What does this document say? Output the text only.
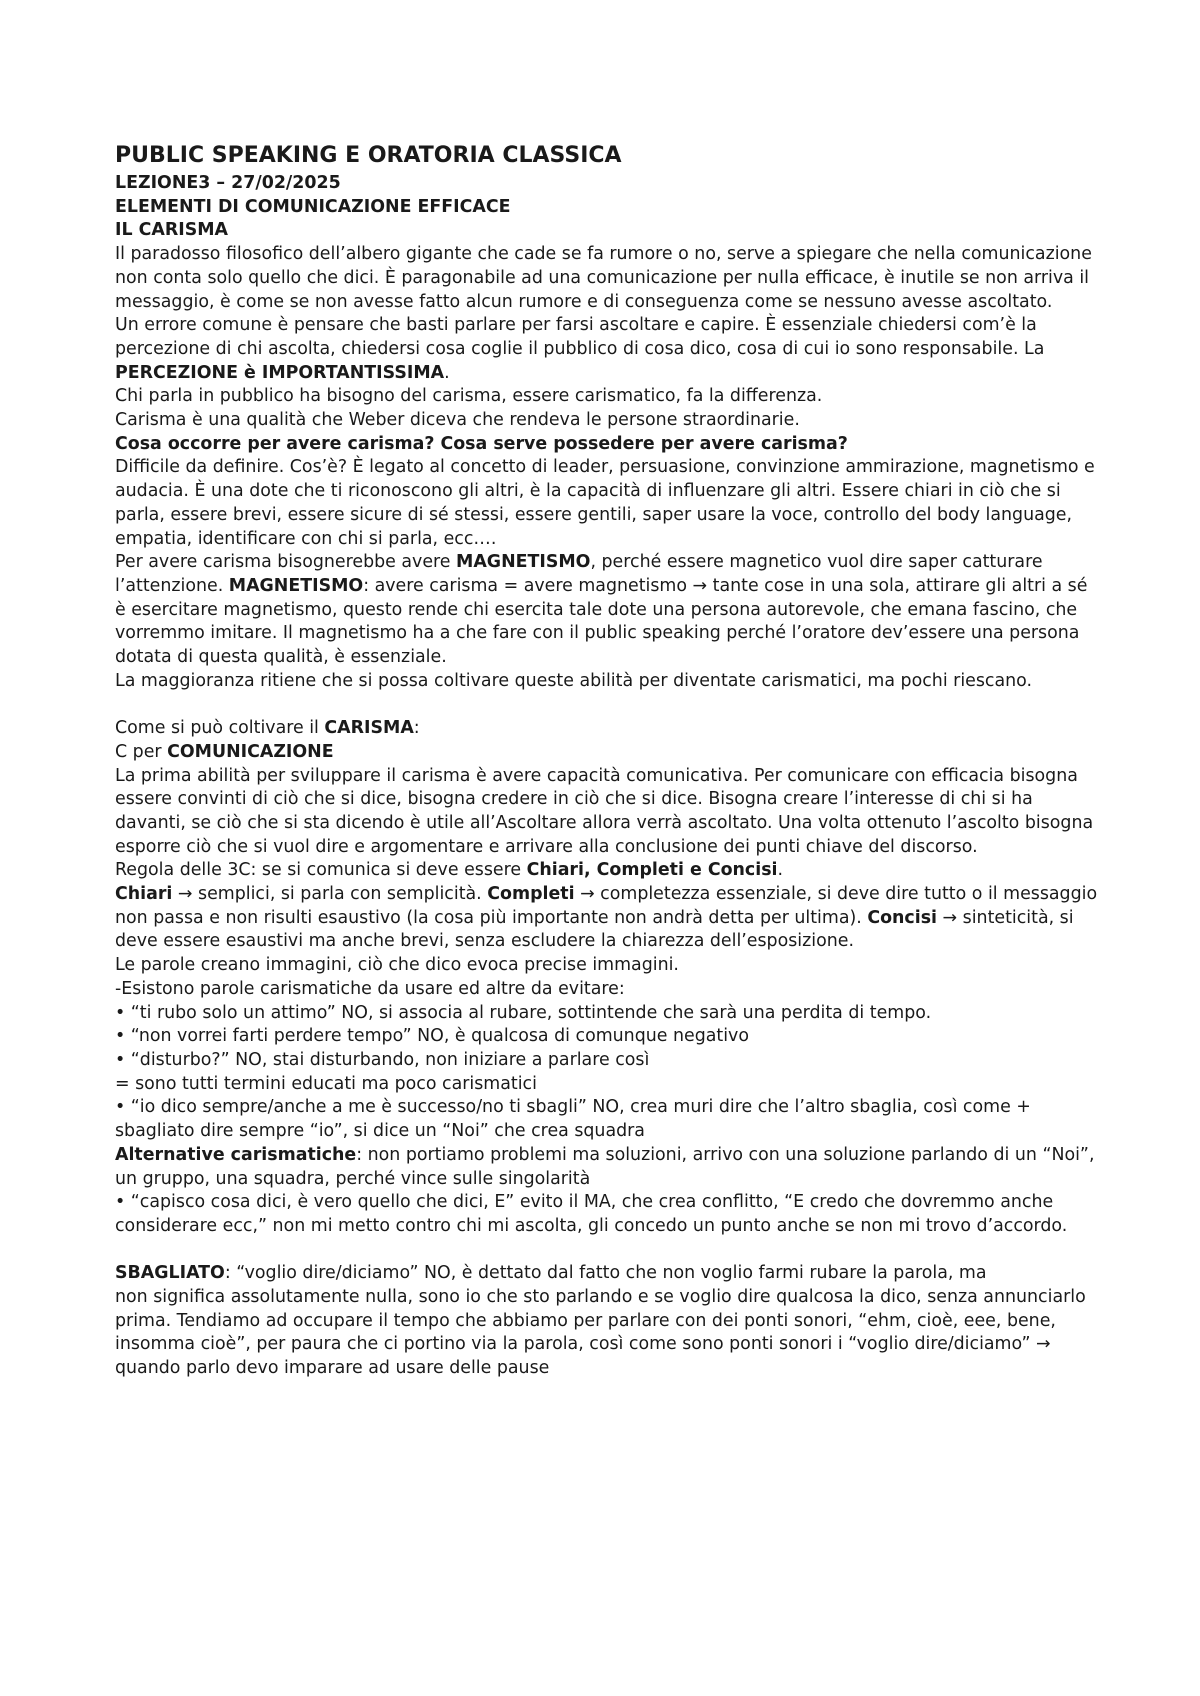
PUBLIC SPEAKING E ORATORIA CLASSICA

LEZIONE3 – 27/02/2025

ELEMENTI DI COMUNICAZIONE EFFICACE

IL CARISMA

Il paradosso filosofico dell’albero gigante che cade se fa rumore o no, serve a spiegare che nella comunicazione non conta solo quello che dici. È paragonabile ad una comunicazione per nulla efficace, è inutile se non arriva il messaggio, è come se non avesse fatto alcun rumore e di conseguenza come se nessuno avesse ascoltato.

Un errore comune è pensare che basti parlare per farsi ascoltare e capire. È essenziale chiedersi com’è la percezione di chi ascolta, chiedersi cosa coglie il pubblico di cosa dico, cosa di cui io sono responsabile. La PERCEZIONE è IMPORTANTISSIMA.

Chi parla in pubblico ha bisogno del carisma, essere carismatico, fa la differenza.

Carisma è una qualità che Weber diceva che rendeva le persone straordinarie.

Cosa occorre per avere carisma? Cosa serve possedere per avere carisma?

Difficile da definire. Cos’è? È legato al concetto di leader, persuasione, convinzione ammirazione, magnetismo e audacia. È una dote che ti riconoscono gli altri, è la capacità di influenzare gli altri. Essere chiari in ciò che si parla, essere brevi, essere sicure di sé stessi, essere gentili, saper usare la voce, controllo del body language, empatia, identificare con chi si parla, ecc….

Per avere carisma bisognerebbe avere MAGNETISMO, perché essere magnetico vuol dire saper catturare l’attenzione. MAGNETISMO: avere carisma = avere magnetismo → tante cose in una sola, attirare gli altri a sé è esercitare magnetismo, questo rende chi esercita tale dote una persona autorevole, che emana fascino, che vorremmo imitare. Il magnetismo ha a che fare con il public speaking perché l’oratore dev’essere una persona dotata di questa qualità, è essenziale.

La maggioranza ritiene che si possa coltivare queste abilità per diventate carismatici, ma pochi riescano.

Come si può coltivare il CARISMA:

C per COMUNICAZIONE

La prima abilità per sviluppare il carisma è avere capacità comunicativa. Per comunicare con efficacia bisogna essere convinti di ciò che si dice, bisogna credere in ciò che si dice. Bisogna creare l’interesse di chi si ha davanti, se ciò che si sta dicendo è utile all’Ascoltare allora verrà ascoltato. Una volta ottenuto l’ascolto bisogna esporre ciò che si vuol dire e argomentare e arrivare alla conclusione dei punti chiave del discorso.

Regola delle 3C: se si comunica si deve essere Chiari, Completi e Concisi.

Chiari → semplici, si parla con semplicità. Completi → completezza essenziale, si deve dire tutto o il messaggio non passa e non risulti esaustivo (la cosa più importante non andrà detta per ultima). Concisi → sinteticità, si deve essere esaustivi ma anche brevi, senza escludere la chiarezza dell’esposizione.

Le parole creano immagini, ciò che dico evoca precise immagini.

-Esistono parole carismatiche da usare ed altre da evitare:

• “ti rubo solo un attimo” NO, si associa al rubare, sottintende che sarà una perdita di tempo.

• “non vorrei farti perdere tempo” NO, è qualcosa di comunque negativo

• “disturbo?” NO, stai disturbando, non iniziare a parlare così

= sono tutti termini educati ma poco carismatici

• “io dico sempre/anche a me è successo/no ti sbagli” NO, crea muri dire che l’altro sbaglia, così come + sbagliato dire sempre “io”, si dice un “Noi” che crea squadra

Alternative carismatiche: non portiamo problemi ma soluzioni, arrivo con una soluzione parlando di un “Noi”, un gruppo, una squadra, perché vince sulle singolarità

• “capisco cosa dici, è vero quello che dici, E” evito il MA, che crea conflitto, “E credo che dovremmo anche considerare ecc,” non mi metto contro chi mi ascolta, gli concedo un punto anche se non mi trovo d’accordo.

SBAGLIATO: “voglio dire/diciamo” NO, è dettato dal fatto che non voglio farmi rubare la parola, ma

non significa assolutamente nulla, sono io che sto parlando e se voglio dire qualcosa la dico, senza annunciarlo prima. Tendiamo ad occupare il tempo che abbiamo per parlare con dei ponti sonori, “ehm, cioè, eee, bene, insomma cioè”, per paura che ci portino via la parola, così come sono ponti sonori i “voglio dire/diciamo” → quando parlo devo imparare ad usare delle pause
